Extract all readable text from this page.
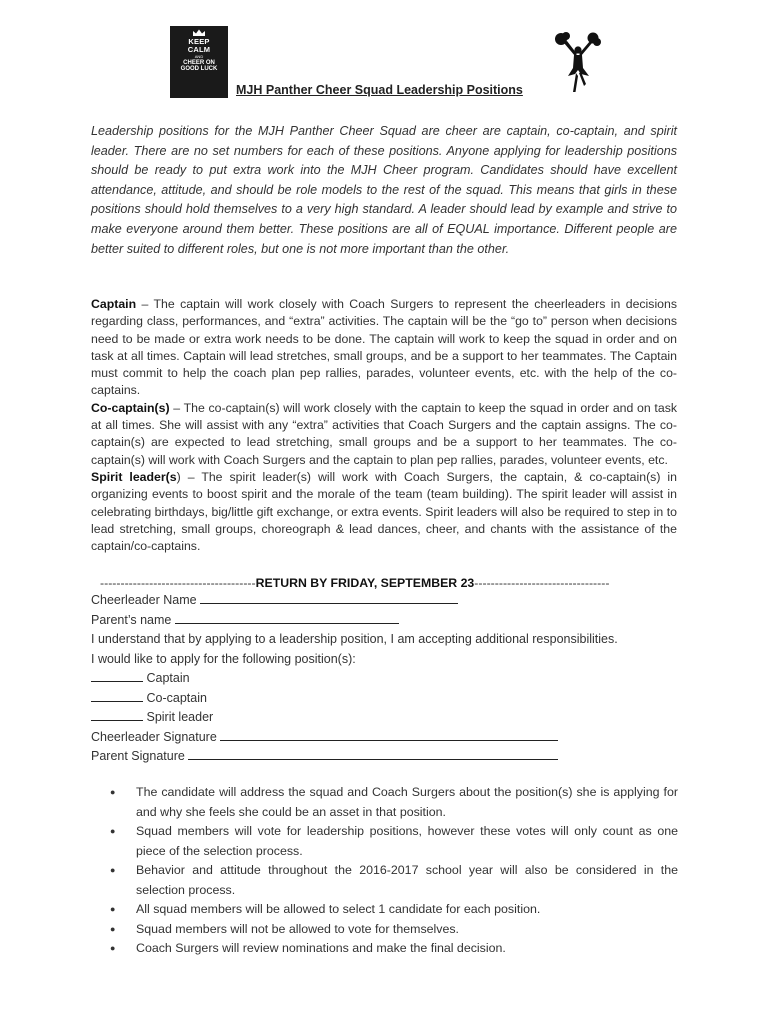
KEEP
CALM
AND
CHEER ON
GOOD LUCK
MJH Panther Cheer Squad Leadership Positions

Leadership positions for the MJH Panther Cheer Squad are cheer are captain, co-captain, and spirit leader. There are no set numbers for each of these positions. Anyone applying for leadership positions should be ready to put extra work into the MJH Cheer program. Candidates should have excellent attendance, attitude, and should be role models to the rest of the squad. This means that girls in these positions should hold themselves to a very high standard. A leader should lead by example and strive to make everyone around them better. These positions are all of EQUAL importance. Different people are better suited to different roles, but one is not more important than the other.

Captain – The captain will work closely with Coach Surgers to represent the cheerleaders in decisions regarding class, performances, and “extra” activities. The captain will be the “go to” person when decisions need to be made or extra work needs to be done. The captain will work to keep the squad in order and on task at all times. Captain will lead stretches, small groups, and be a support to her teammates. The Captain must commit to help the coach plan pep rallies, parades, volunteer events, etc. with the help of the co-captains.

Co-captain(s) – The co-captain(s) will work closely with the captain to keep the squad in order and on task at all times. She will assist with any “extra” activities that Coach Surgers and the captain assigns. The co-captain(s) are expected to lead stretching, small groups and be a support to her teammates. The co-captain(s) will work with Coach Surgers and the captain to plan pep rallies, parades, volunteer events, etc.

Spirit leader(s) – The spirit leader(s) will work with Coach Surgers, the captain, & co-captain(s) in organizing events to boost spirit and the morale of the team (team building). The spirit leader will assist in celebrating birthdays, big/little gift exchange, or extra events. Spirit leaders will also be required to step in to lead stretching, small groups, choreograph & lead dances, cheer, and chants with the assistance of the captain/co-captains.

--------------------------------------RETURN BY FRIDAY, SEPTEMBER 23---------------------------------
Cheerleader Name
Parent’s name
I understand that by applying to a leadership position, I am accepting additional responsibilities.
I would like to apply for the following position(s):
Captain
Co-captain
Spirit leader
Cheerleader Signature
Parent Signature
● The candidate will address the squad and Coach Surgers about the position(s) she is applying for and why she feels she could be an asset in that position.
● Squad members will vote for leadership positions, however these votes will only count as one piece of the selection process.
● Behavior and attitude throughout the 2016-2017 school year will also be considered in the selection process.
● All squad members will be allowed to select 1 candidate for each position.
● Squad members will not be allowed to vote for themselves.
● Coach Surgers will review nominations and make the final decision.
